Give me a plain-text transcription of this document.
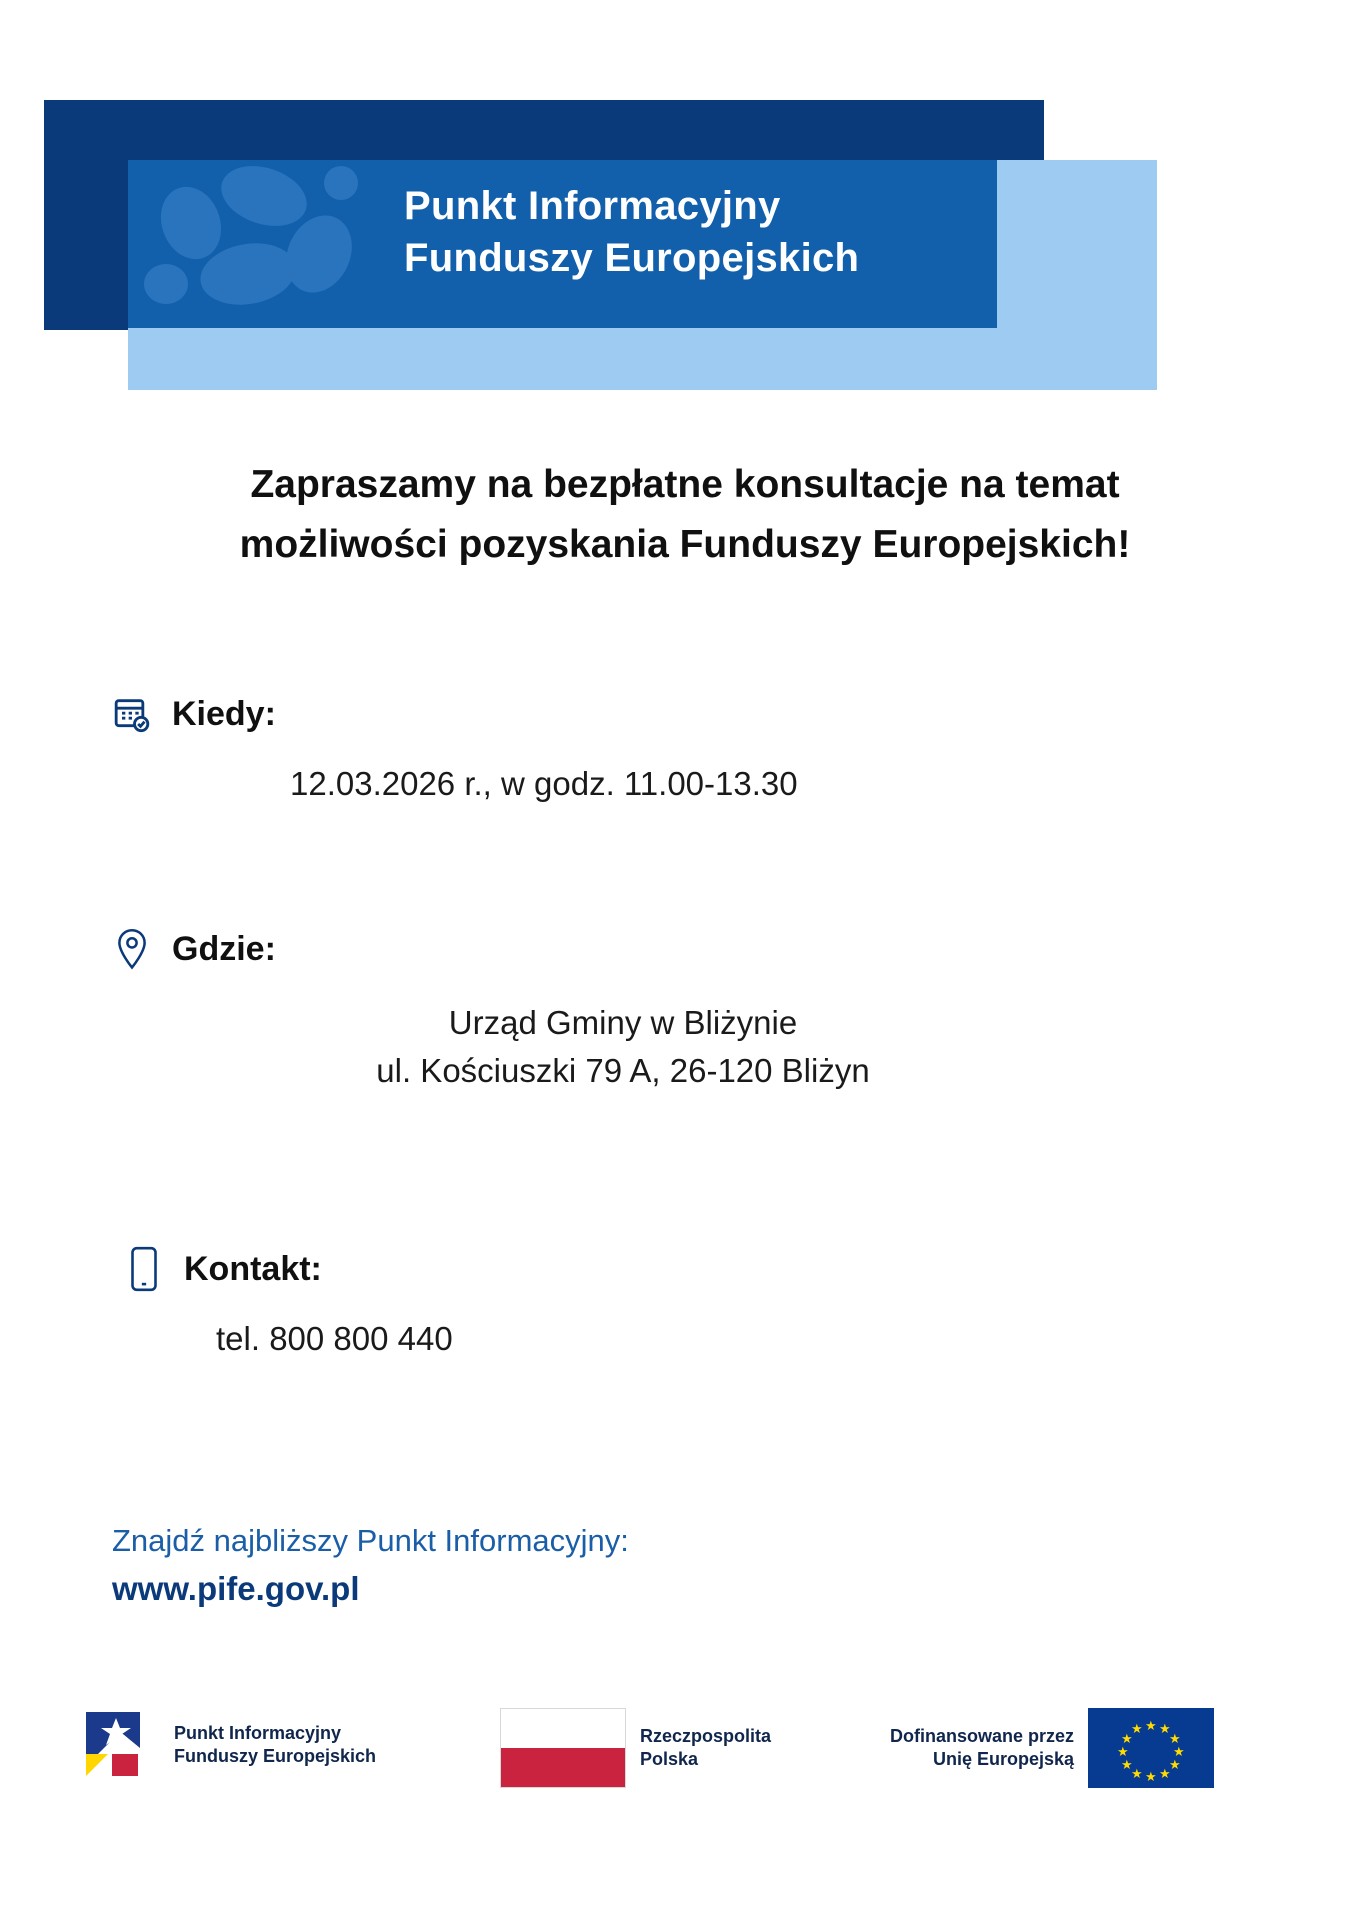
Punkt Informacyjny
Funduszy Europejskich
Zapraszamy na bezpłatne konsultacje na temat
możliwości pozyskania Funduszy Europejskich!
Kiedy:
12.03.2026 r., w godz. 11.00-13.30
Gdzie:
Urząd Gminy w Bliżynie
ul. Kościuszki 79 A, 26-120 Bliżyn
Kontakt:
tel. 800 800 440
Znajdź najbliższy Punkt Informacyjny:
www.pife.gov.pl
Punkt Informacyjny
Funduszy Europejskich
Rzeczpospolita
Polska
Dofinansowane przez
Unię Europejską
★ ★
★
★
★
★
★
★
★
★
★
★
